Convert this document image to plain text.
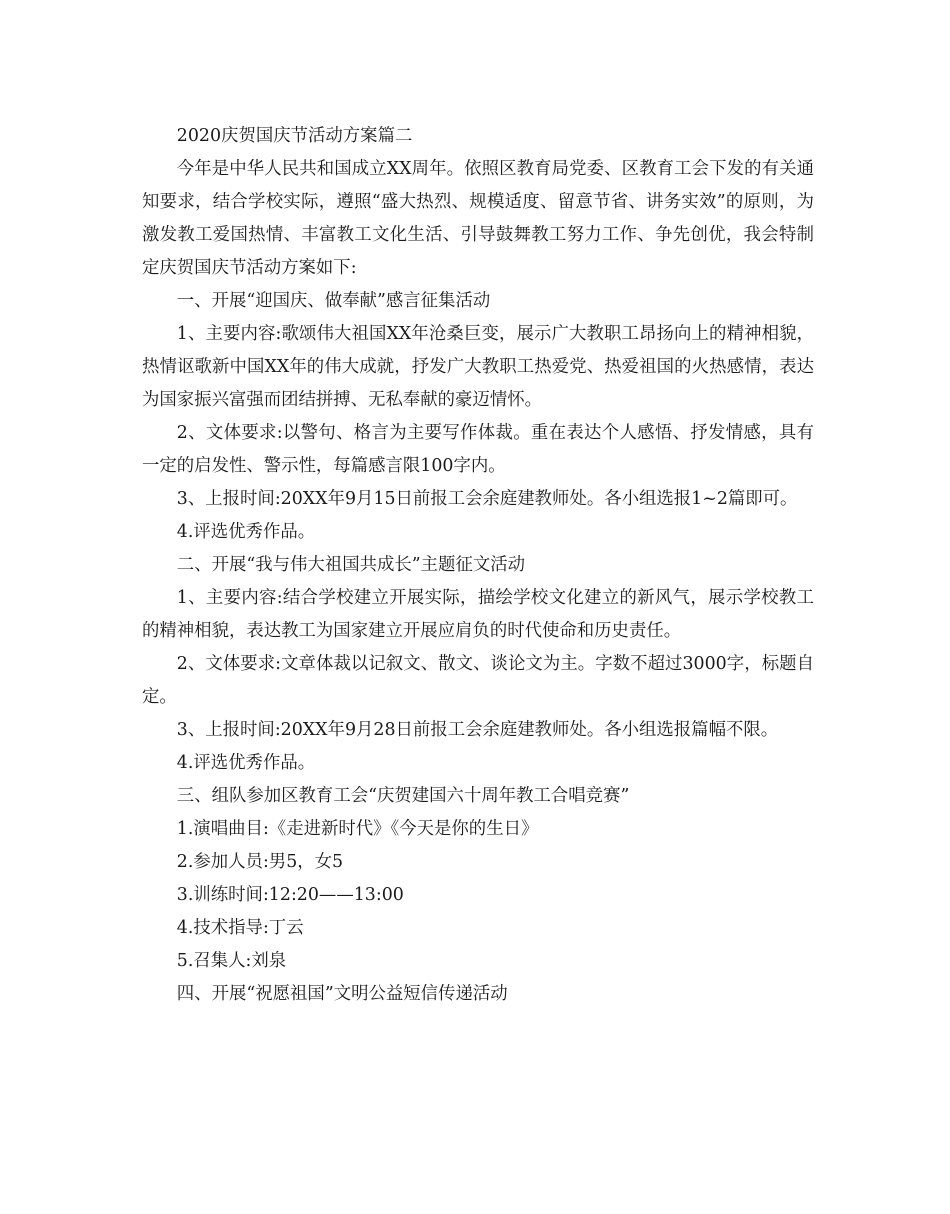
2020庆贺国庆节活动方案篇二

今年是中华人民共和国成立XX周年。依照区教育局党委、区教育工会下发的有关通知要求，结合学校实际，遵照“盛大热烈、规模适度、留意节省、讲务实效”的原则，为激发教工爱国热情、丰富教工文化生活、引导鼓舞教工努力工作、争先创优，我会特制定庆贺国庆节活动方案如下:

一、开展“迎国庆、做奉献”感言征集活动

1、主要内容:歌颂伟大祖国XX年沧桑巨变，展示广大教职工昂扬向上的精神相貌，热情讴歌新中国XX年的伟大成就，抒发广大教职工热爱党、热爱祖国的火热感情，表达为国家振兴富强而团结拼搏、无私奉献的豪迈情怀。

2、文体要求:以警句、格言为主要写作体裁。重在表达个人感悟、抒发情感，具有一定的启发性、警示性，每篇感言限100字内。

3、上报时间:20XX年9月15日前报工会余庭建教师处。各小组选报1~2篇即可。

4.评选优秀作品。

二、开展“我与伟大祖国共成长”主题征文活动

1、主要内容:结合学校建立开展实际，描绘学校文化建立的新风气，展示学校教工的精神相貌，表达教工为国家建立开展应肩负的时代使命和历史责任。

2、文体要求:文章体裁以记叙文、散文、谈论文为主。字数不超过3000字，标题自定。

3、上报时间:20XX年9月28日前报工会余庭建教师处。各小组选报篇幅不限。

4.评选优秀作品。

三、组队参加区教育工会“庆贺建国六十周年教工合唱竞赛”

1.演唱曲目:《走进新时代》《今天是你的生日》

2.参加人员:男5，女5

3.训练时间:12:20——13:00

4.技术指导:丁云

5.召集人:刘泉

四、开展“祝愿祖国”文明公益短信传递活动
